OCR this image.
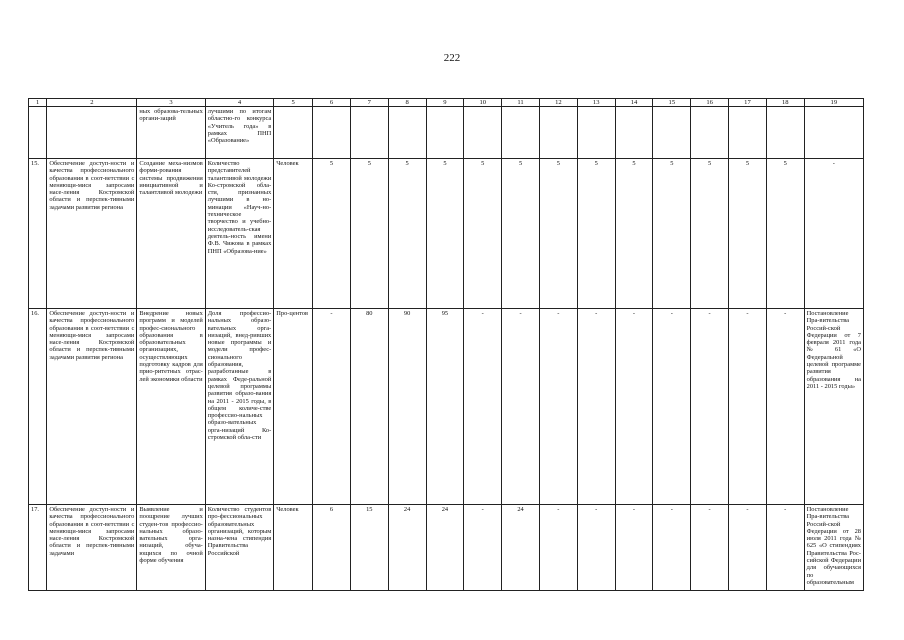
222
1	2	3	4	5	6	7	8	9	10	11	12	13	14	15	16	17	18	19
		ных образова-тельных органи-заций	лучшими по итогам областно-го конкурса «Учитель года» в рамках ПНП «Образование»															
15.	Обеспечение доступ-ности и качества профессионального образования в соот-ветствии с меняющи-мися запросами насе-ления Костромской области и перспек-тивными задачами развития региона	Создание меха-низмов форми-рования системы продвижения инициативной и талантливой молодежи	Количество представителей талантливой молодежи Ко-стромской обла-сти, признанных лучшими в но-минации «Науч-но-техническое творчество и учебно-исследователь-ская деятель-ность имени Ф.В. Чижова в рамках ПНП «Образова-ние»	Человек	5	5	5	5	5	5	5	5	5	5	5	5	5	-
16.	Обеспечение доступ-ности и качества профессионального образования в соот-ветствии с меняющи-мися запросами насе-ления Костромской области и перспек-тивными задачами развития региона	Внедрение новых программ и моделей профес-сионального образования в образовательных организациях, осуществляющих подготовку кадров для прио-ритетных отрас-лей экономики области	Доля профессио-нальных образо-вательных орга-низаций, внед-ривших новые программы и модели профес-сионального образования, разработанные в рамках Феде-ральной целевой программы развития образо-вания на 2011 - 2015 годы, в общем количе-стве профессио-нальных образо-вательных орга-низаций Ко-стромской обла-сти	Про-центов	-	80	90	95	-	-	-	-	-	-	-	-	-	Постановление Пра-вительства Россий-ской Федерации от 7 февраля 2011 года № 61 «О Федеральной целевой программе развития образования на 2011 - 2015 годы»
17.	Обеспечение доступ-ности и качества профессионального образования в соот-ветствии с меняющи-мися запросами насе-ления Костромской области и перспек-тивными задачами	Выявление и поощрение лучших студен-тов профессио-нальных образо-вательных орга-низаций, обуча-ющихся по очной форме обучения	Количество студентов про-фессиональных образовательных организаций, которым назна-чена стипендия Правительства Российской	Человек	6	15	24	24	-	24	-	-	-	-	-	-	-	Постановление Пра-вительства Россий-ской Федерации от 28 июля 2011 года № 625 «О стипендиях Правительства Рос-сийской Федерации для обучающихся по образовательным
